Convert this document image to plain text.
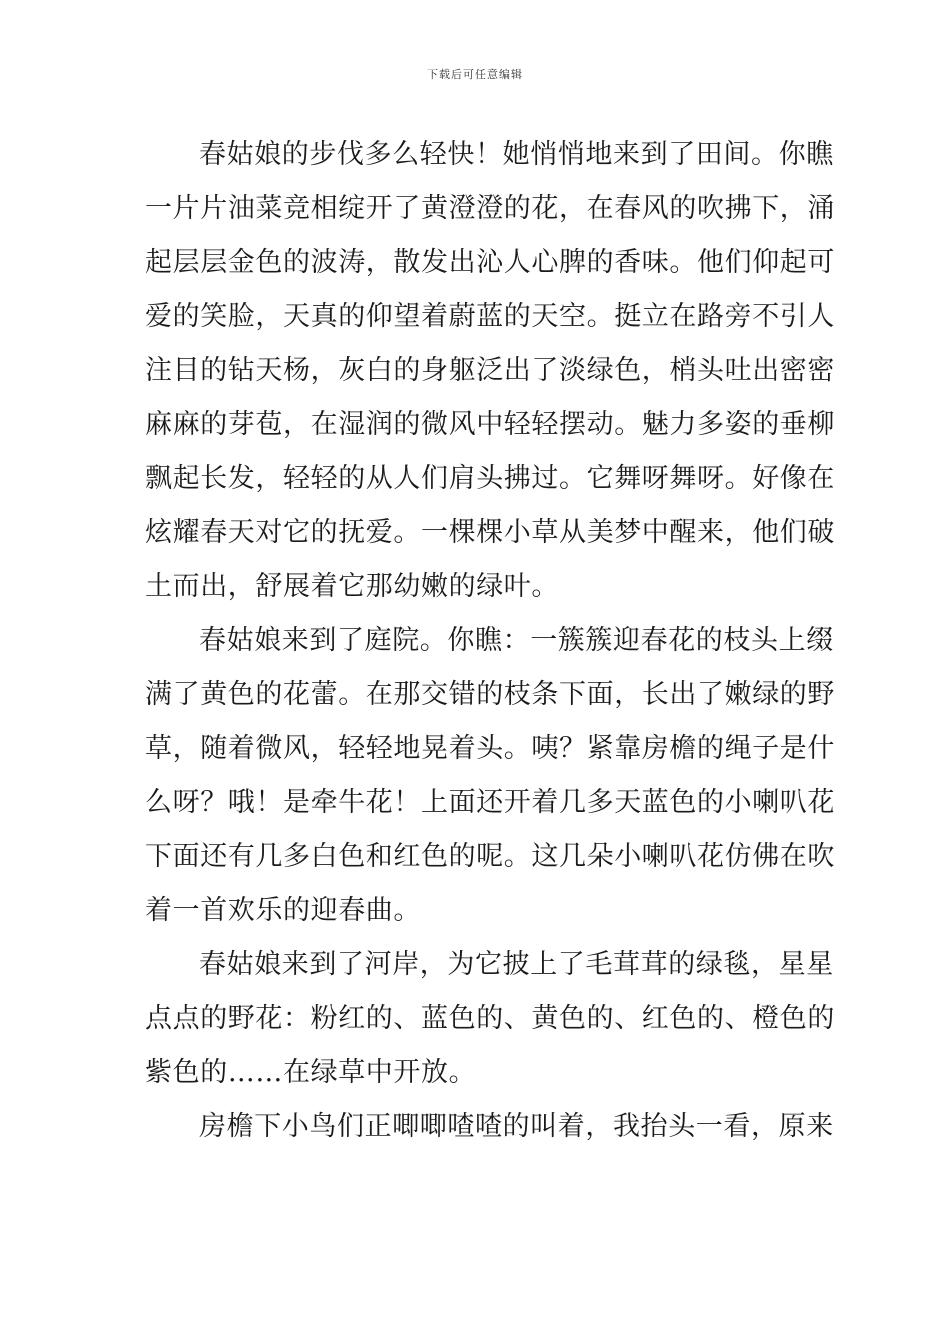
下载后可任意编辑
春姑娘的步伐多么轻快！她悄悄地来到了田间。你瞧
一片片油菜竞相绽开了黄澄澄的花，在春风的吹拂下，涌
起层层金色的波涛，散发出沁人心脾的香味。他们仰起可
爱的笑脸，天真的仰望着蔚蓝的天空。挺立在路旁不引人
注目的钻天杨，灰白的身躯泛出了淡绿色，梢头吐出密密
麻麻的芽苞，在湿润的微风中轻轻摆动。魅力多姿的垂柳
飘起长发，轻轻的从人们肩头拂过。它舞呀舞呀。好像在
炫耀春天对它的抚爱。一棵棵小草从美梦中醒来，他们破
土而出，舒展着它那幼嫩的绿叶。
春姑娘来到了庭院。你瞧：一簇簇迎春花的枝头上缀
满了黄色的花蕾。在那交错的枝条下面，长出了嫩绿的野
草，随着微风，轻轻地晃着头。咦？紧靠房檐的绳子是什
么呀？哦！是牵牛花！上面还开着几多天蓝色的小喇叭花
下面还有几多白色和红色的呢。这几朵小喇叭花仿佛在吹
着一首欢乐的迎春曲。
春姑娘来到了河岸，为它披上了毛茸茸的绿毯，星星
点点的野花：粉红的、蓝色的、黄色的、红色的、橙色的
紫色的……在绿草中开放。
房檐下小鸟们正唧唧喳喳的叫着，我抬头一看，原来
